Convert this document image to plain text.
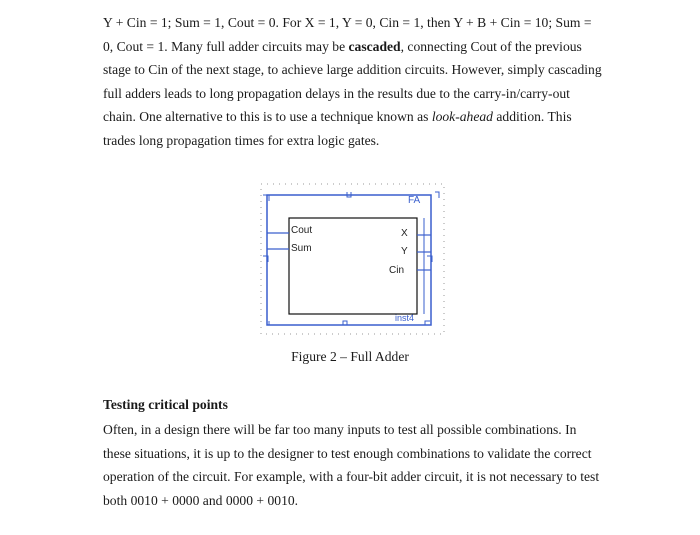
Y + Cin = 1; Sum = 1, Cout = 0. For X = 1, Y = 0, Cin = 1, then Y + B + Cin = 10; Sum = 0, Cout = 1. Many full adder circuits may be cascaded, connecting Cout of the previous stage to Cin of the next stage, to achieve large addition circuits. However, simply cascading full adders leads to long propagation delays in the results due to the carry-in/carry-out chain. One alternative to this is to use a technique known as look-ahead addition. This trades long propagation times for extra logic gates.

FA
Cout
Sum
X
Y
Cin
inst4
Figure 2 – Full Adder
Testing critical points

Often, in a design there will be far too many inputs to test all possible combinations. In these situations, it is up to the designer to test enough combinations to validate the correct operation of the circuit. For example, with a four-bit adder circuit, it is not necessary to test both 0010 + 0000 and 0000 + 0010.
